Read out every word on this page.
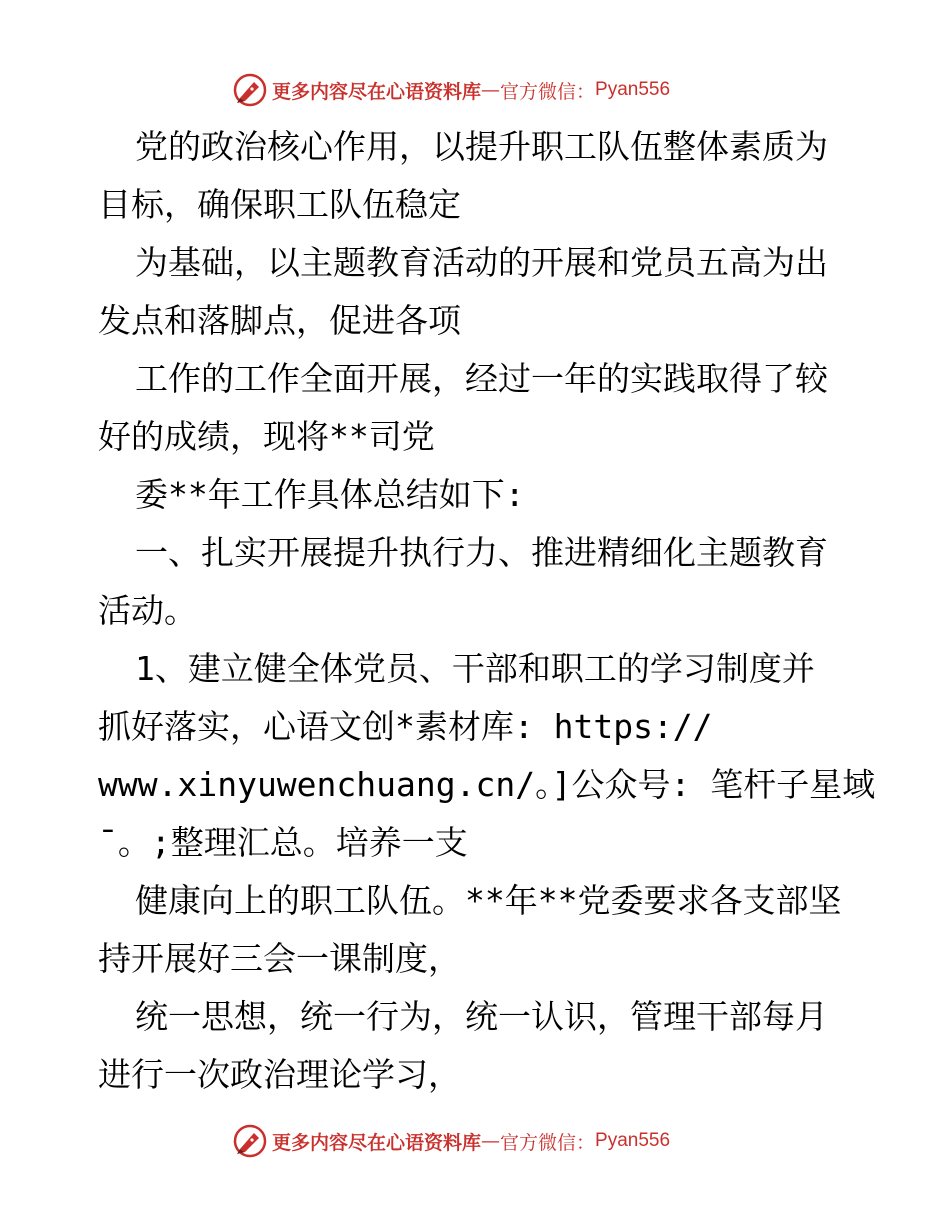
更多内容尽在心语资料库 — 官方微信： Pyan556
党的政治核心作用，以提升职工队伍整体素质为
目标，确保职工队伍稳定
为基础，以主题教育活动的开展和党员五高为出
发点和落脚点，促进各项
工作的工作全面开展，经过一年的实践取得了较
好的成绩，现将**司党
委**年工作具体总结如下:
一、扎实开展提升执行力、推进精细化主题教育
活动。
1、建立健全体党员、干部和职工的学习制度并
抓好落实，心语文创*素材库: https://
www.xinyuwenchuang.cn/。]公众号: 笔杆子星域
ˉ。;整理汇总。培养一支
健康向上的职工队伍。**年**党委要求各支部坚
持开展好三会一课制度，
统一思想，统一行为，统一认识，管理干部每月
进行一次政治理论学习，
更多内容尽在心语资料库 — 官方微信： Pyan556
